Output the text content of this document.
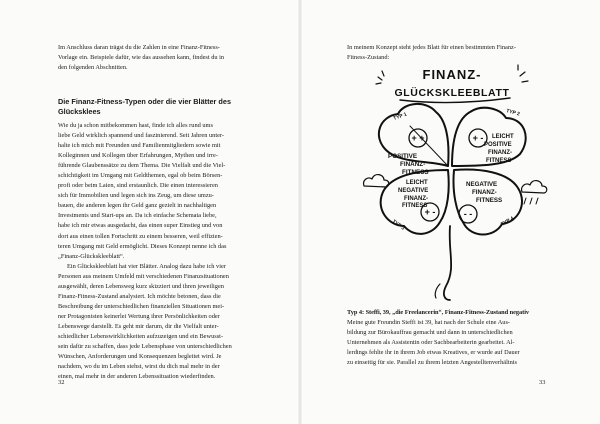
Im Anschluss daran trägst du die Zahlen in eine Finanz-Fitness-
Vorlage ein. Beispiele dafür, wie das aussehen kann, findest du in
den folgenden Abschnitten.

Die Finanz-Fitness-Typen oder die vier Blätter des
Glücksklees

Wie du ja schon mitbekommen hast, finde ich alles rund ums
liebe Geld wirklich spannend und faszinierend. Seit Jahren unter-
halte ich mich mit Freunden und Familienmitgliedern sowie mit
Kolleginnen und Kollegen über Erfahrungen, Mythen und irre-
führende Glaubenssätze zu dem Thema. Die Vielfalt und die Viel-
schichtigkeit im Umgang mit Geldthemen, egal ob beim Börsen-
profi oder beim Laien, sind erstaunlich. Die einen interessieren
sich für Immobilien und legen sich ins Zeug, um diese umzu-
bauen, die anderen legen ihr Geld ganz gezielt in nachhaltigen
Investments und Start-ups an. Da ich einfache Schemata liebe,
habe ich mir etwas ausgedacht, das einen super Einstieg und von
dort aus einen tollen Fortschritt zu einem besseren, weil effizien-
teren Umgang mit Geld ermöglicht. Dieses Konzept nenne ich das
„Finanz-Glückskleeblatt“.

Ein Glückskleeblatt hat vier Blätter. Analog dazu habe ich vier
Personen aus meinem Umfeld mit verschiedenen Finanzsituationen
ausgewählt, deren Lebensweg kurz skizziert und ihren jeweiligen
Finanz-Fitness-Zustand analysiert. Ich möchte betonen, dass die
Beschreibung der unterschiedlichen finanziellen Situationen mei-
ner Protagonisten keinerlei Wertung ihrer Persönlichkeiten oder
Lebenswege darstellt. Es geht mir darum, dir die Vielfalt unter-
schiedlicher Lebenswirklichkeiten aufzuzeigen und ein Bewusst-
sein dafür zu schaffen, dass jede Lebensphase von unterschiedlichen
Wünschen, Anforderungen und Konsequenzen begleitet wird. Je
nachdem, wo du im Leben stehst, wirst du dich mal mehr in der
einen, mal mehr in der anderen Lebenssituation wiederfinden.

32

In meinem Konzept steht jedes Blatt für einen bestimmten Finanz-
Fitness-Zustand:

FINANZ-
GLÜCKSKLEEBLATT
TYP 1	TYP 2
TYP 3	TYP 4
+ +	+ -
+ -	- -
POSITIVE
FINANZ-
FITNESS
LEICHT
POSITIVE
FINANZ-
FITNESS
LEICHT
NEGATIVE
FINANZ-
FITNESS
NEGATIVE
FINANZ-
FITNESS

Typ 4: Steffi, 39, „die Freelancerin“, Finanz-Fitness-Zustand negativ

Meine gute Freundin Steffi ist 39, hat nach der Schule eine Aus-
bildung zur Bürokauffrau gemacht und dann in unterschiedlichen
Unternehmen als Assistentin oder Sachbearbeiterin gearbeitet. Al-
lerdings fehlte ihr in ihrem Job etwas Kreatives, er wurde auf Dauer
zu einseitig für sie. Parallel zu ihrem letzten Angestelltenverhältnis

33
